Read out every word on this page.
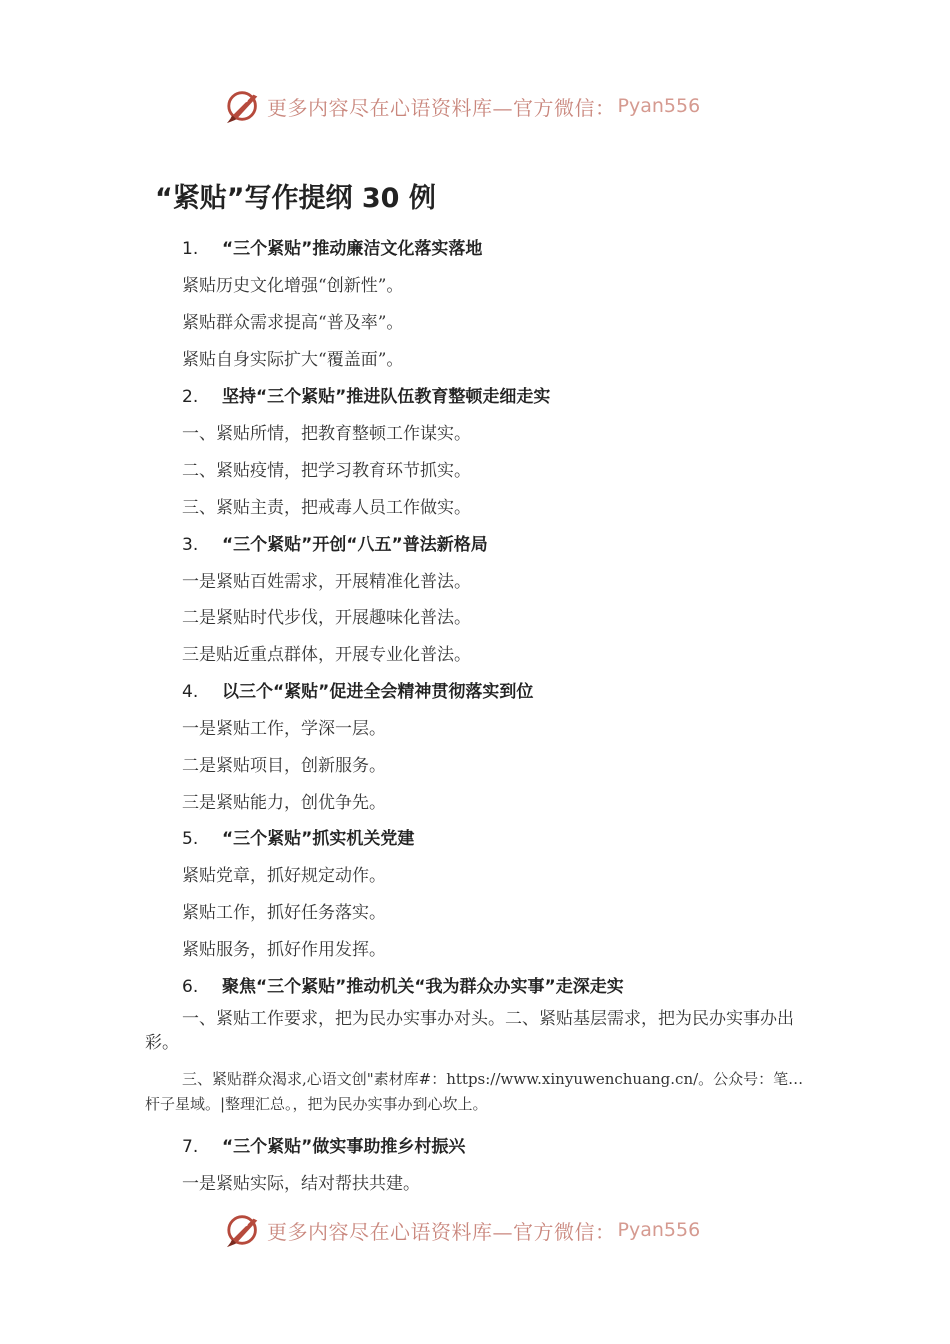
更多内容尽在心语资料库—官方微信： Pyan556
“紧贴”写作提纲 30 例
1. “三个紧贴”推动廉洁文化落实落地
紧贴历史文化增强“创新性”。
紧贴群众需求提高“普及率”。
紧贴自身实际扩大“覆盖面”。
2. 坚持“三个紧贴”推进队伍教育整顿走细走实
一、紧贴所情，把教育整顿工作谋实。
二、紧贴疫情，把学习教育环节抓实。
三、紧贴主责，把戒毒人员工作做实。
3. “三个紧贴”开创“八五”普法新格局
一是紧贴百姓需求，开展精准化普法。
二是紧贴时代步伐，开展趣味化普法。
三是贴近重点群体，开展专业化普法。
4. 以三个“紧贴”促进全会精神贯彻落实到位
一是紧贴工作，学深一层。
二是紧贴项目，创新服务。
三是紧贴能力，创优争先。
5. “三个紧贴”抓实机关党建
紧贴党章，抓好规定动作。
紧贴工作，抓好任务落实。
紧贴服务，抓好作用发挥。
6. 聚焦“三个紧贴”推动机关“我为群众办实事”走深走实
一、紧贴工作要求，把为民办实事办对头。二、紧贴基层需求，把为民办实事办出彩。
三、紧贴群众渴求,心语文创"素材库#：https://www.xinyuwenchuang.cn/。公众号：笔…杆子星域。|整理汇总。，把为民办实事办到心坎上。
7. “三个紧贴”做实事助推乡村振兴
一是紧贴实际，结对帮扶共建。
更多内容尽在心语资料库—官方微信： Pyan556
